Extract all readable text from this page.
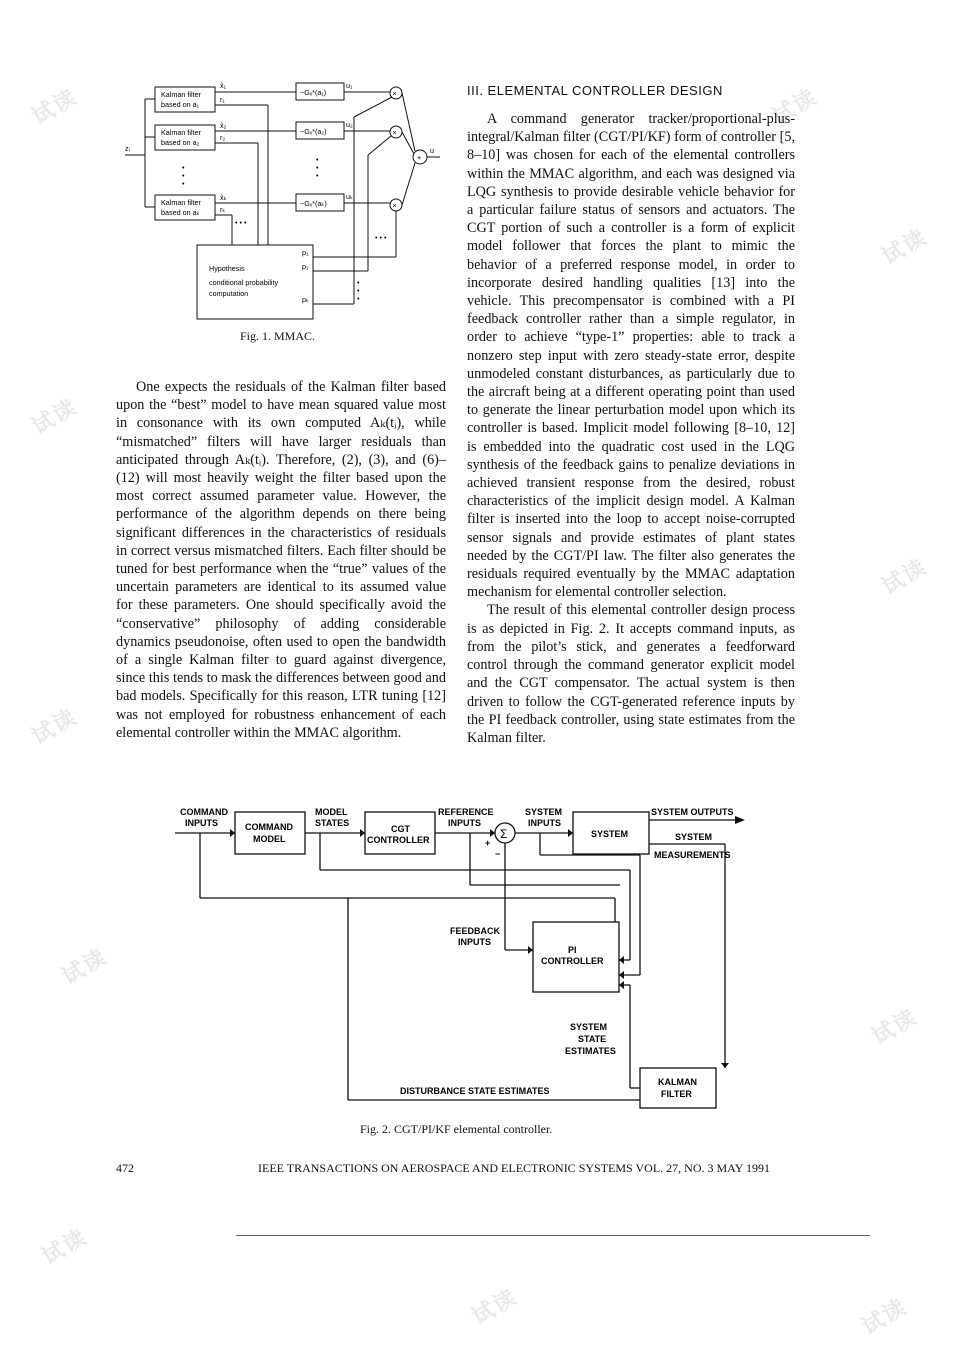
试读	试读
试读
试读
试读
试读
试读
试读
试读
试读	试读
Kalman filter
based on a₁
Kalman filter
based on a₂
Kalman filter
based on aₖ
−Gₓ*(a₁)
−Gₓ*(a₂)
−Gₓ*(aₖ)
Hypothesis
conditional probability
computation
x̂₁
r₁
x̂₂
r₂
x̂ₖ
rₖ
u₁
u₂
uₖ
u
p₁
p₂
pₖ
zᵢ
×
×
×
+
• • •
• • •
•
•
•
•
•
•
•
•
•
Fig. 1. MMAC.

One expects the residuals of the Kalman filter based upon the “best” model to have mean squared value most in consonance with its own computed Aₖ(tᵢ), while “mismatched” filters will have larger residuals than anticipated through Aₖ(tᵢ). Therefore, (2), (3), and (6)–(12) will most heavily weight the filter based upon the most correct assumed parameter value. However, the performance of the algorithm depends on there being significant differences in the characteristics of residuals in correct versus mismatched filters. Each filter should be tuned for best performance when the “true” values of the uncertain parameters are identical to its assumed value for these parameters. One should specifically avoid the “conservative” philosophy of adding considerable dynamics pseudonoise, often used to open the bandwidth of a single Kalman filter to guard against divergence, since this tends to mask the differences between good and bad models. Specifically for this reason, LTR tuning [12] was not employed for robustness enhancement of each elemental controller within the MMAC algorithm.

III. ELEMENTAL CONTROLLER DESIGN

A command generator tracker/proportional-plus-integral/Kalman filter (CGT/PI/KF) form of controller [5, 8–10] was chosen for each of the elemental controllers within the MMAC algorithm, and each was designed via LQG synthesis to provide desirable vehicle behavior for a particular failure status of sensors and actuators. The CGT portion of such a controller is a form of explicit model follower that forces the plant to mimic the behavior of a preferred response model, in order to incorporate desired handling qualities [13] into the vehicle. This precompensator is combined with a PI feedback controller rather than a simple regulator, in order to achieve “type-1” properties: able to track a nonzero step input with zero steady-state error, despite unmodeled constant disturbances, as particularly due to the aircraft being at a different operating point than used to generate the linear perturbation model upon which its controller is based. Implicit model following [8–10, 12] is embedded into the quadratic cost used in the LQG synthesis of the feedback gains to penalize deviations in achieved transient response from the desired, robust characteristics of the implicit design model. A Kalman filter is inserted into the loop to accept noise-corrupted sensor signals and provide estimates of plant states needed by the CGT/PI law. The filter also generates the residuals required eventually by the MMAC adaptation mechanism for elemental controller selection.

The result of this elemental controller design process is as depicted in Fig. 2. It accepts command inputs, as from the pilot’s stick, and generates a feedforward control through the command generator explicit model and the CGT compensator. The actual system is then driven to follow the CGT-generated reference inputs by the PI feedback controller, using state estimates from the Kalman filter.

COMMAND
INPUTS	COMMAND
MODEL
MODEL
STATES
CGT
CONTROLLER
REFERENCE
INPUTS
SYSTEM
INPUTS
SYSTEM
SYSTEM OUTPUTS
SYSTEM
MEASUREMENTS
FEEDBACK
INPUTS
PI
CONTROLLER
SYSTEM
STATE
ESTIMATES
KALMAN
FILTER
DISTURBANCE STATE ESTIMATES
Σ
+
−
Fig. 2. CGT/PI/KF elemental controller.
472	IEEE TRANSACTIONS ON AEROSPACE AND ELECTRONIC SYSTEMS VOL. 27, NO. 3 MAY 1991
